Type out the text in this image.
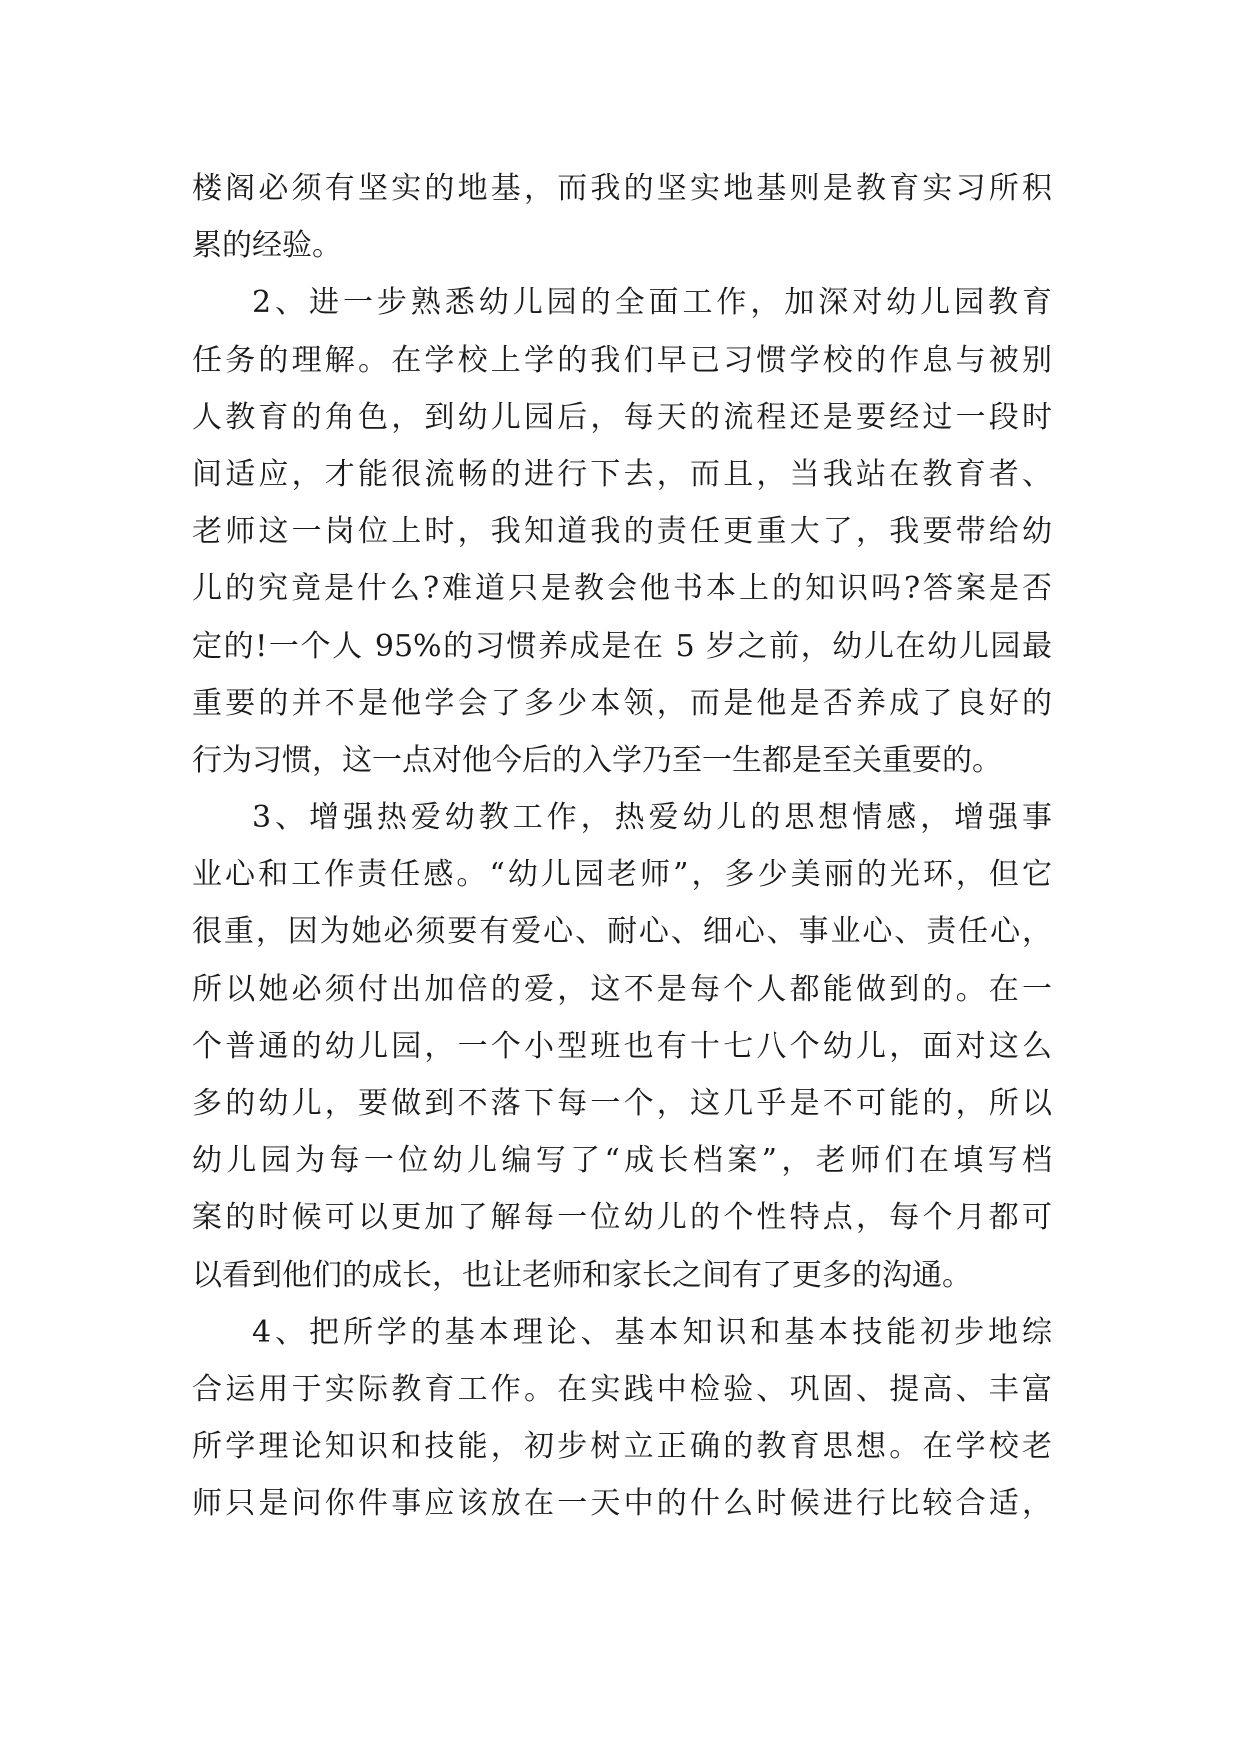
楼阁必须有坚实的地基，而我的坚实地基则是教育实习所积
累的经验。
2、进一步熟悉幼儿园的全面工作，加深对幼儿园教育
任务的理解。在学校上学的我们早已习惯学校的作息与被别
人教育的角色，到幼儿园后，每天的流程还是要经过一段时
间适应，才能很流畅的进行下去，而且，当我站在教育者、
老师这一岗位上时，我知道我的责任更重大了，我要带给幼
儿的究竟是什么?难道只是教会他书本上的知识吗?答案是否
定的!一个人 95%的习惯养成是在 5 岁之前，幼儿在幼儿园最
重要的并不是他学会了多少本领，而是他是否养成了良好的
行为习惯，这一点对他今后的入学乃至一生都是至关重要的。
3、增强热爱幼教工作，热爱幼儿的思想情感，增强事
业心和工作责任感。“幼儿园老师”，多少美丽的光环，但它
很重，因为她必须要有爱心、耐心、细心、事业心、责任心，
所以她必须付出加倍的爱，这不是每个人都能做到的。在一
个普通的幼儿园，一个小型班也有十七八个幼儿，面对这么
多的幼儿，要做到不落下每一个，这几乎是不可能的，所以
幼儿园为每一位幼儿编写了“成长档案”，老师们在填写档
案的时候可以更加了解每一位幼儿的个性特点，每个月都可
以看到他们的成长，也让老师和家长之间有了更多的沟通。
4、把所学的基本理论、基本知识和基本技能初步地综
合运用于实际教育工作。在实践中检验、巩固、提高、丰富
所学理论知识和技能，初步树立正确的教育思想。在学校老
师只是问你件事应该放在一天中的什么时候进行比较合适，
